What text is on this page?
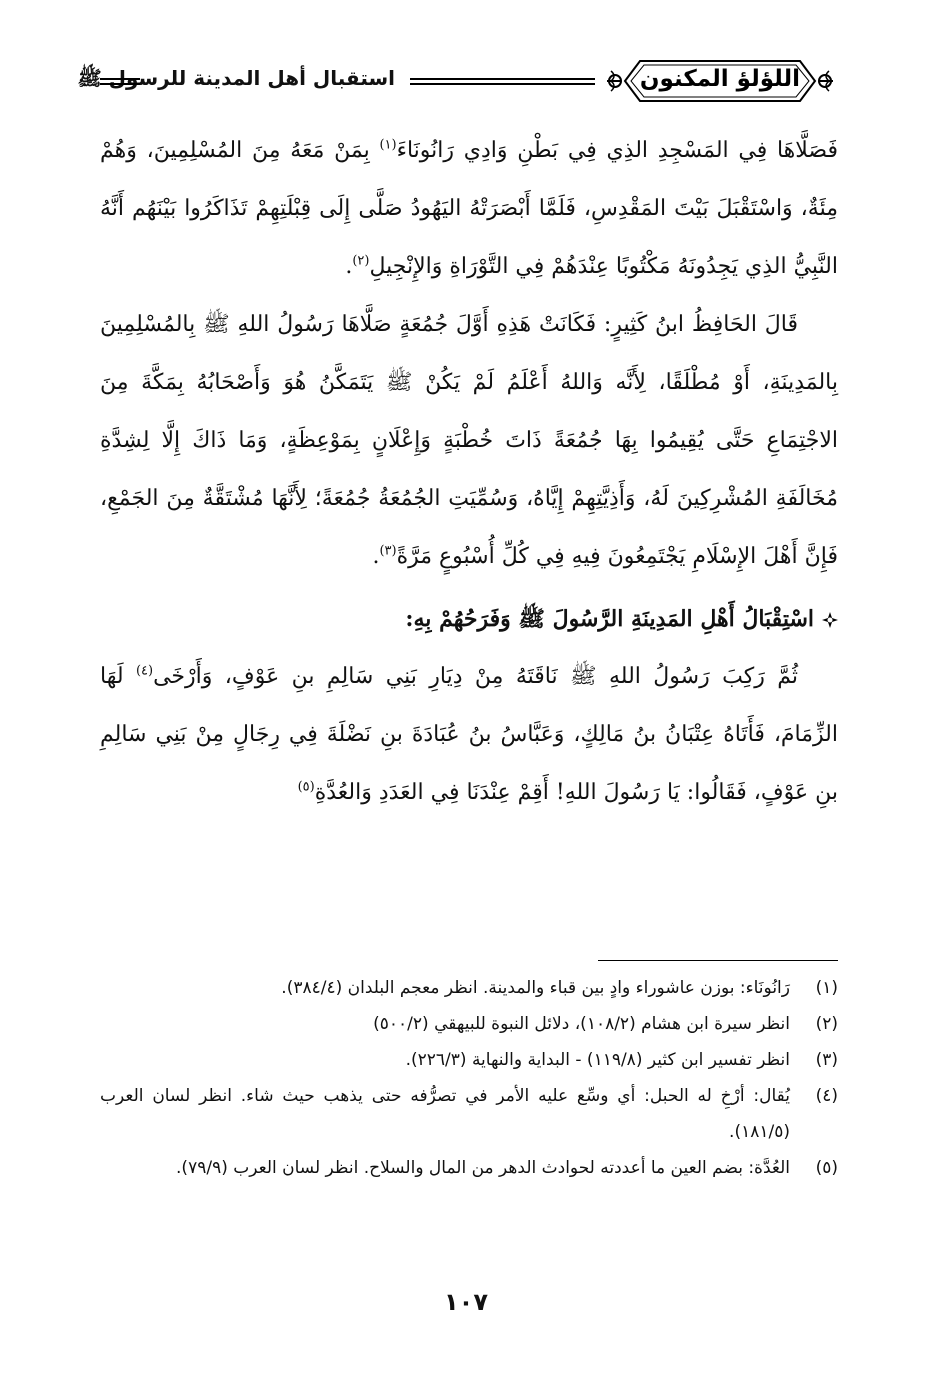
اللؤلؤ المكنون
استقبال أهل المدينة للرسول ﷺ

فَصَلَّاهَا فِي المَسْجِدِ الذِي فِي بَطْنِ وَادِي رَانُونَاءَ$^{(١)}$ بِمَنْ مَعَهُ مِنَ المُسْلِمِينَ، وَهُمْ مِئَةٌ، وَاسْتَقْبَلَ بَيْتَ المَقْدِسِ، فَلَمَّا أَبْصَرَتْهُ اليَهُودُ صَلَّى إِلَى قِبْلَتِهِمْ تَذَاكَرُوا بَيْنَهُم أَنَّهُ النَّبِيُّ الذِي يَجِدُونَهُ مَكْتُوبًا عِنْدَهُمْ فِي التَّوْرَاةِ وَالإِنْجِيلِ$^{(٢)}$.

قَالَ الحَافِظُ ابنُ كَثِيرٍ: فَكَانَتْ هَذِهِ أَوَّلَ جُمُعَةٍ صَلَّاهَا رَسُولُ اللهِ ﷺ بِالمُسْلِمِينَ بِالمَدِينَةِ، أَوْ مُطْلَقًا، لِأَنَّه وَاللهُ أَعْلَمُ لَمْ يَكُنْ ﷺ يَتَمَكَّنُ هُوَ وَأَصْحَابُهُ بِمَكَّةَ مِنَ الاجْتِمَاعِ حَتَّى يُقِيمُوا بِهَا جُمُعَةً ذَاتَ خُطْبَةٍ وَإِعْلَانٍ بِمَوْعِظَةٍ، وَمَا ذَاكَ إِلَّا لِشِدَّةِ مُخَالَفَةِ المُشْرِكِينَ لَهُ، وَأَذِيَّتِهِمْ إِيَّاهُ، وَسُمِّيَتِ الجُمُعَةُ جُمُعَةً؛ لِأَنَّهَا مُشْتَقَّةٌ مِنَ الجَمْعِ، فَإِنَّ أَهْلَ الإِسْلَامِ يَجْتَمِعُونَ فِيهِ فِي كُلِّ أُسْبُوعٍ مَرَّةً$^{(٣)}$.

اسْتِقْبَالُ أَهْلِ المَدِينَةِ الرَّسُولَ ﷺ وَفَرَحُهُمْ بِهِ:

ثُمَّ رَكِبَ رَسُولُ اللهِ ﷺ نَاقَتَهُ مِنْ دِيَارِ بَنِي سَالِمِ بنِ عَوْفٍ، وَأَرْخَى$^{(٤)}$ لَهَا الزِّمَامَ، فَأَتَاهُ عِتْبَانُ بنُ مَالِكٍ، وَعَبَّاسُ بنُ عُبَادَةَ بنِ نَضْلَةَ فِي رِجَالٍ مِنْ بَنِي سَالِمِ بنِ عَوْفٍ، فَقَالُوا: يَا رَسُولَ اللهِ! أَقِمْ عِنْدَنَا فِي العَدَدِ وَالعُدَّةِ$^{(٥)}$

(١)
رَانُونَاء: بوزن عاشوراء وادٍ بين قباء والمدينة. انظر معجم البلدان (٣٨٤/٤).
(٢)
انظر سيرة ابن هشام (١٠٨/٢)، دلائل النبوة للبيهقي (٥٠٠/٢)
(٣)
انظر تفسير ابن كثير (١١٩/٨) - البداية والنهاية (٢٢٦/٣).
(٤)
يُقال: أرْخِ له الحبل: أي وسِّع عليه الأمر في تصرُّفه حتى يذهب حيث شاء. انظر لسان العرب (١٨١/٥).
(٥)
العُدَّة: بضم العين ما أعددته لحوادث الدهر من المال والسلاح. انظر لسان العرب (٧٩/٩).
١٠٧
